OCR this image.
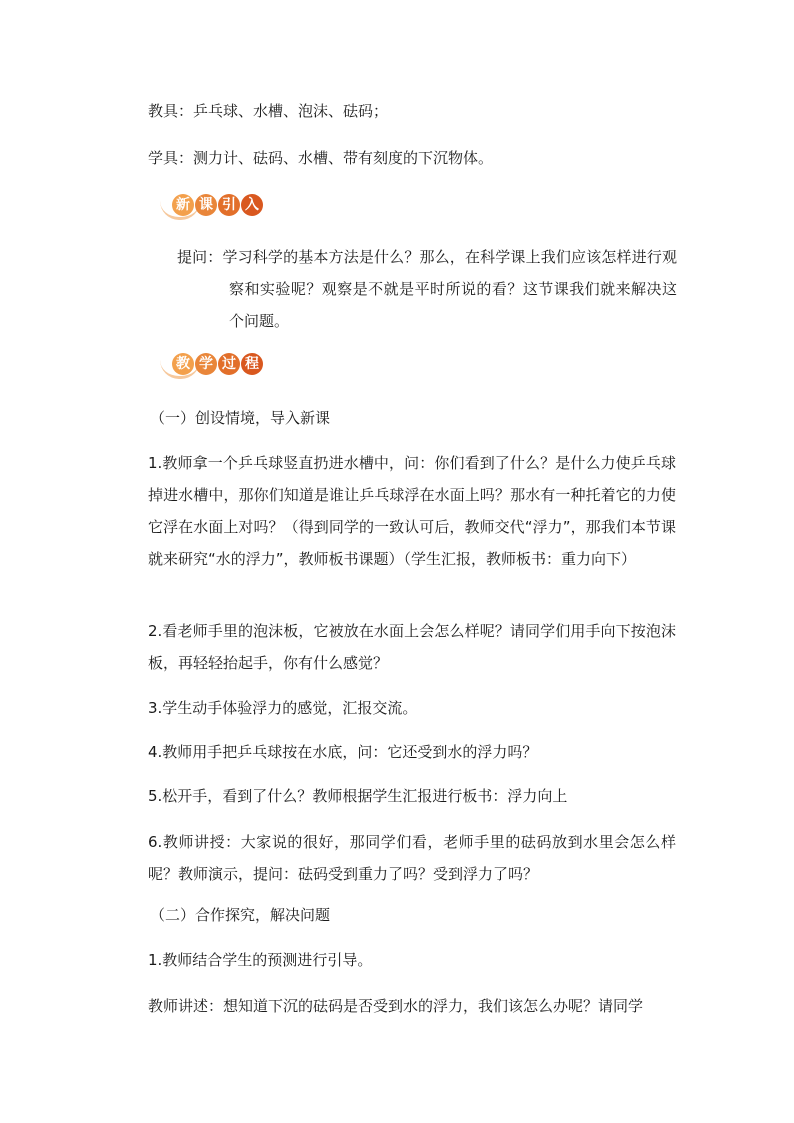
教具：乒乓球、水槽、泡沫、砝码；
学具：测力计、砝码、水槽、带有刻度的下沉物体。
新 课 引 入
提问：学习科学的基本方法是什么？那么，在科学课上我们应该怎样进行观察和实验呢？观察是不就是平时所说的看？这节课我们就来解决这个问题。
教 学 过 程
（一）创设情境，导入新课
1.教师拿一个乒乓球竖直扔进水槽中，问：你们看到了什么？是什么力使乒乓球掉进水槽中，那你们知道是谁让乒乓球浮在水面上吗？那水有一种托着它的力使它浮在水面上对吗？（得到同学的一致认可后，教师交代“浮力”，那我们本节课就来研究“水的浮力”，教师板书课题）（学生汇报，教师板书：重力向下）
2.看老师手里的泡沫板，它被放在水面上会怎么样呢？请同学们用手向下按泡沫板，再轻轻抬起手，你有什么感觉？
3.学生动手体验浮力的感觉，汇报交流。
4.教师用手把乒乓球按在水底，问：它还受到水的浮力吗？
5.松开手，看到了什么？教师根据学生汇报进行板书：浮力向上
6.教师讲授：大家说的很好，那同学们看，老师手里的砝码放到水里会怎么样呢？教师演示，提问：砝码受到重力了吗？受到浮力了吗？
（二）合作探究，解决问题
1.教师结合学生的预测进行引导。
教师讲述：想知道下沉的砝码是否受到水的浮力，我们该怎么办呢？请同学
